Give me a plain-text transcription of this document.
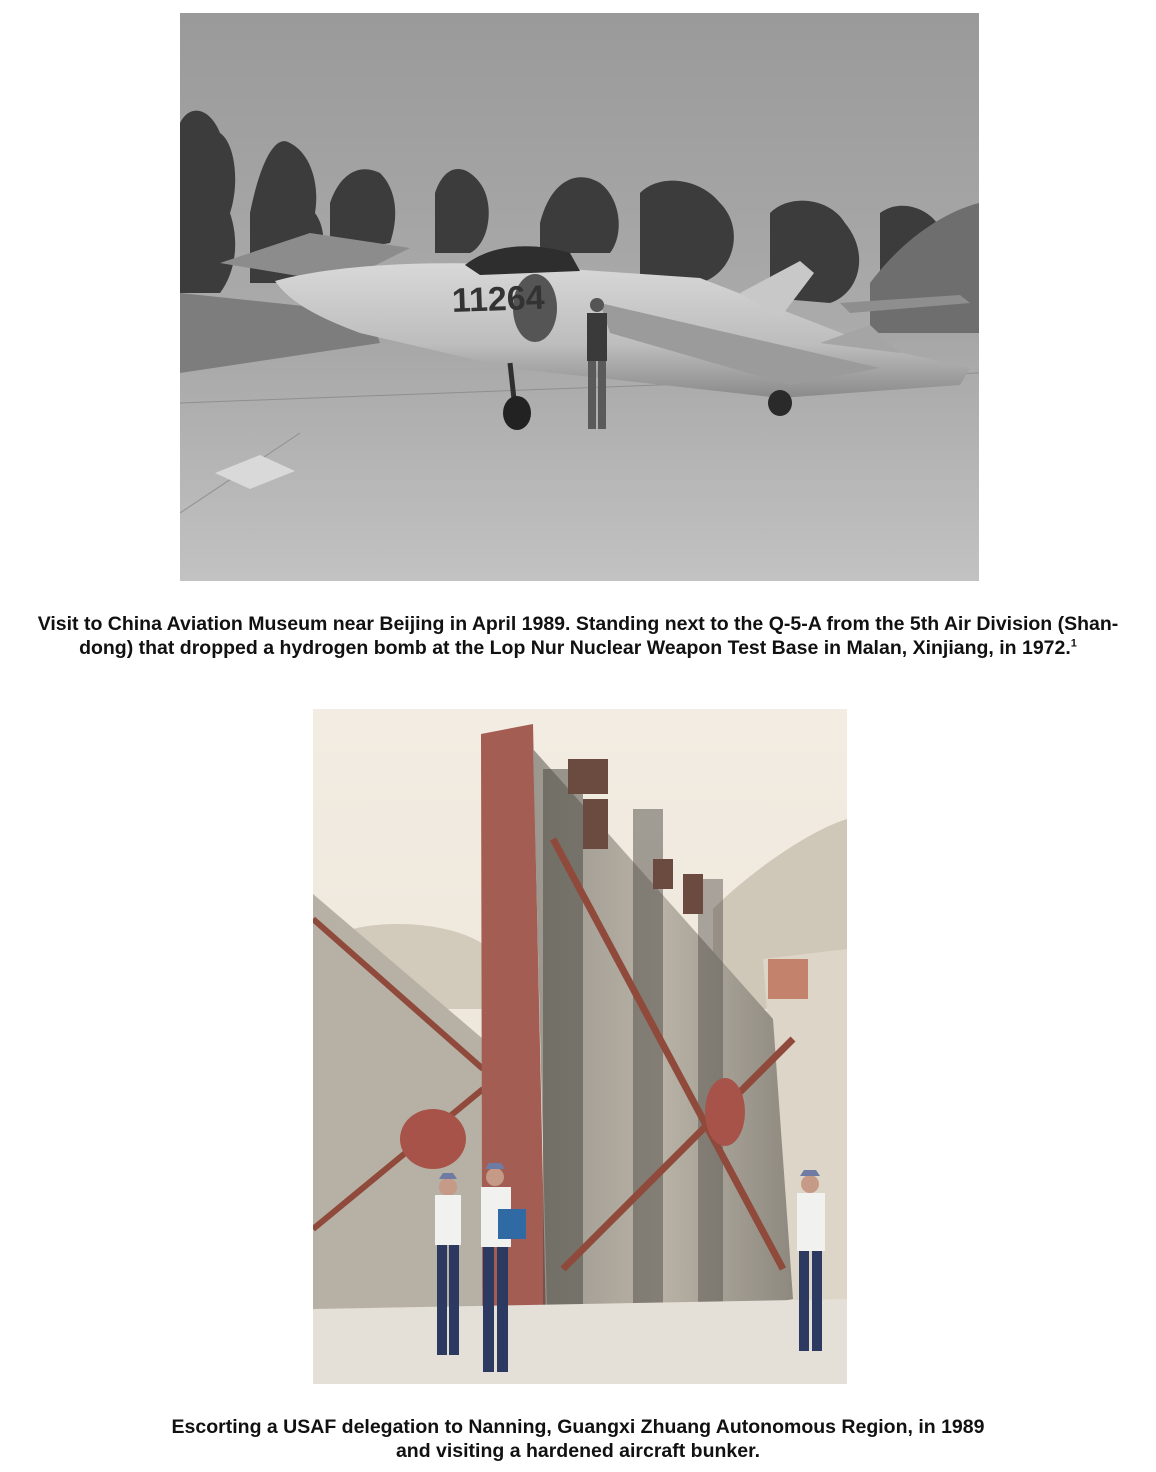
11264

Visit to China Aviation Museum near Beijing in April 1989. Standing next to the Q-5-A from the 5th Air Division (Shan-
dong) that dropped a hydrogen bomb at the Lop Nur Nuclear Weapon Test Base in Malan, Xinjiang, in 1972.$^1$

Escorting a USAF delegation to Nanning, Guangxi Zhuang Autonomous Region, in 1989
and visiting a hardened aircraft bunker.
